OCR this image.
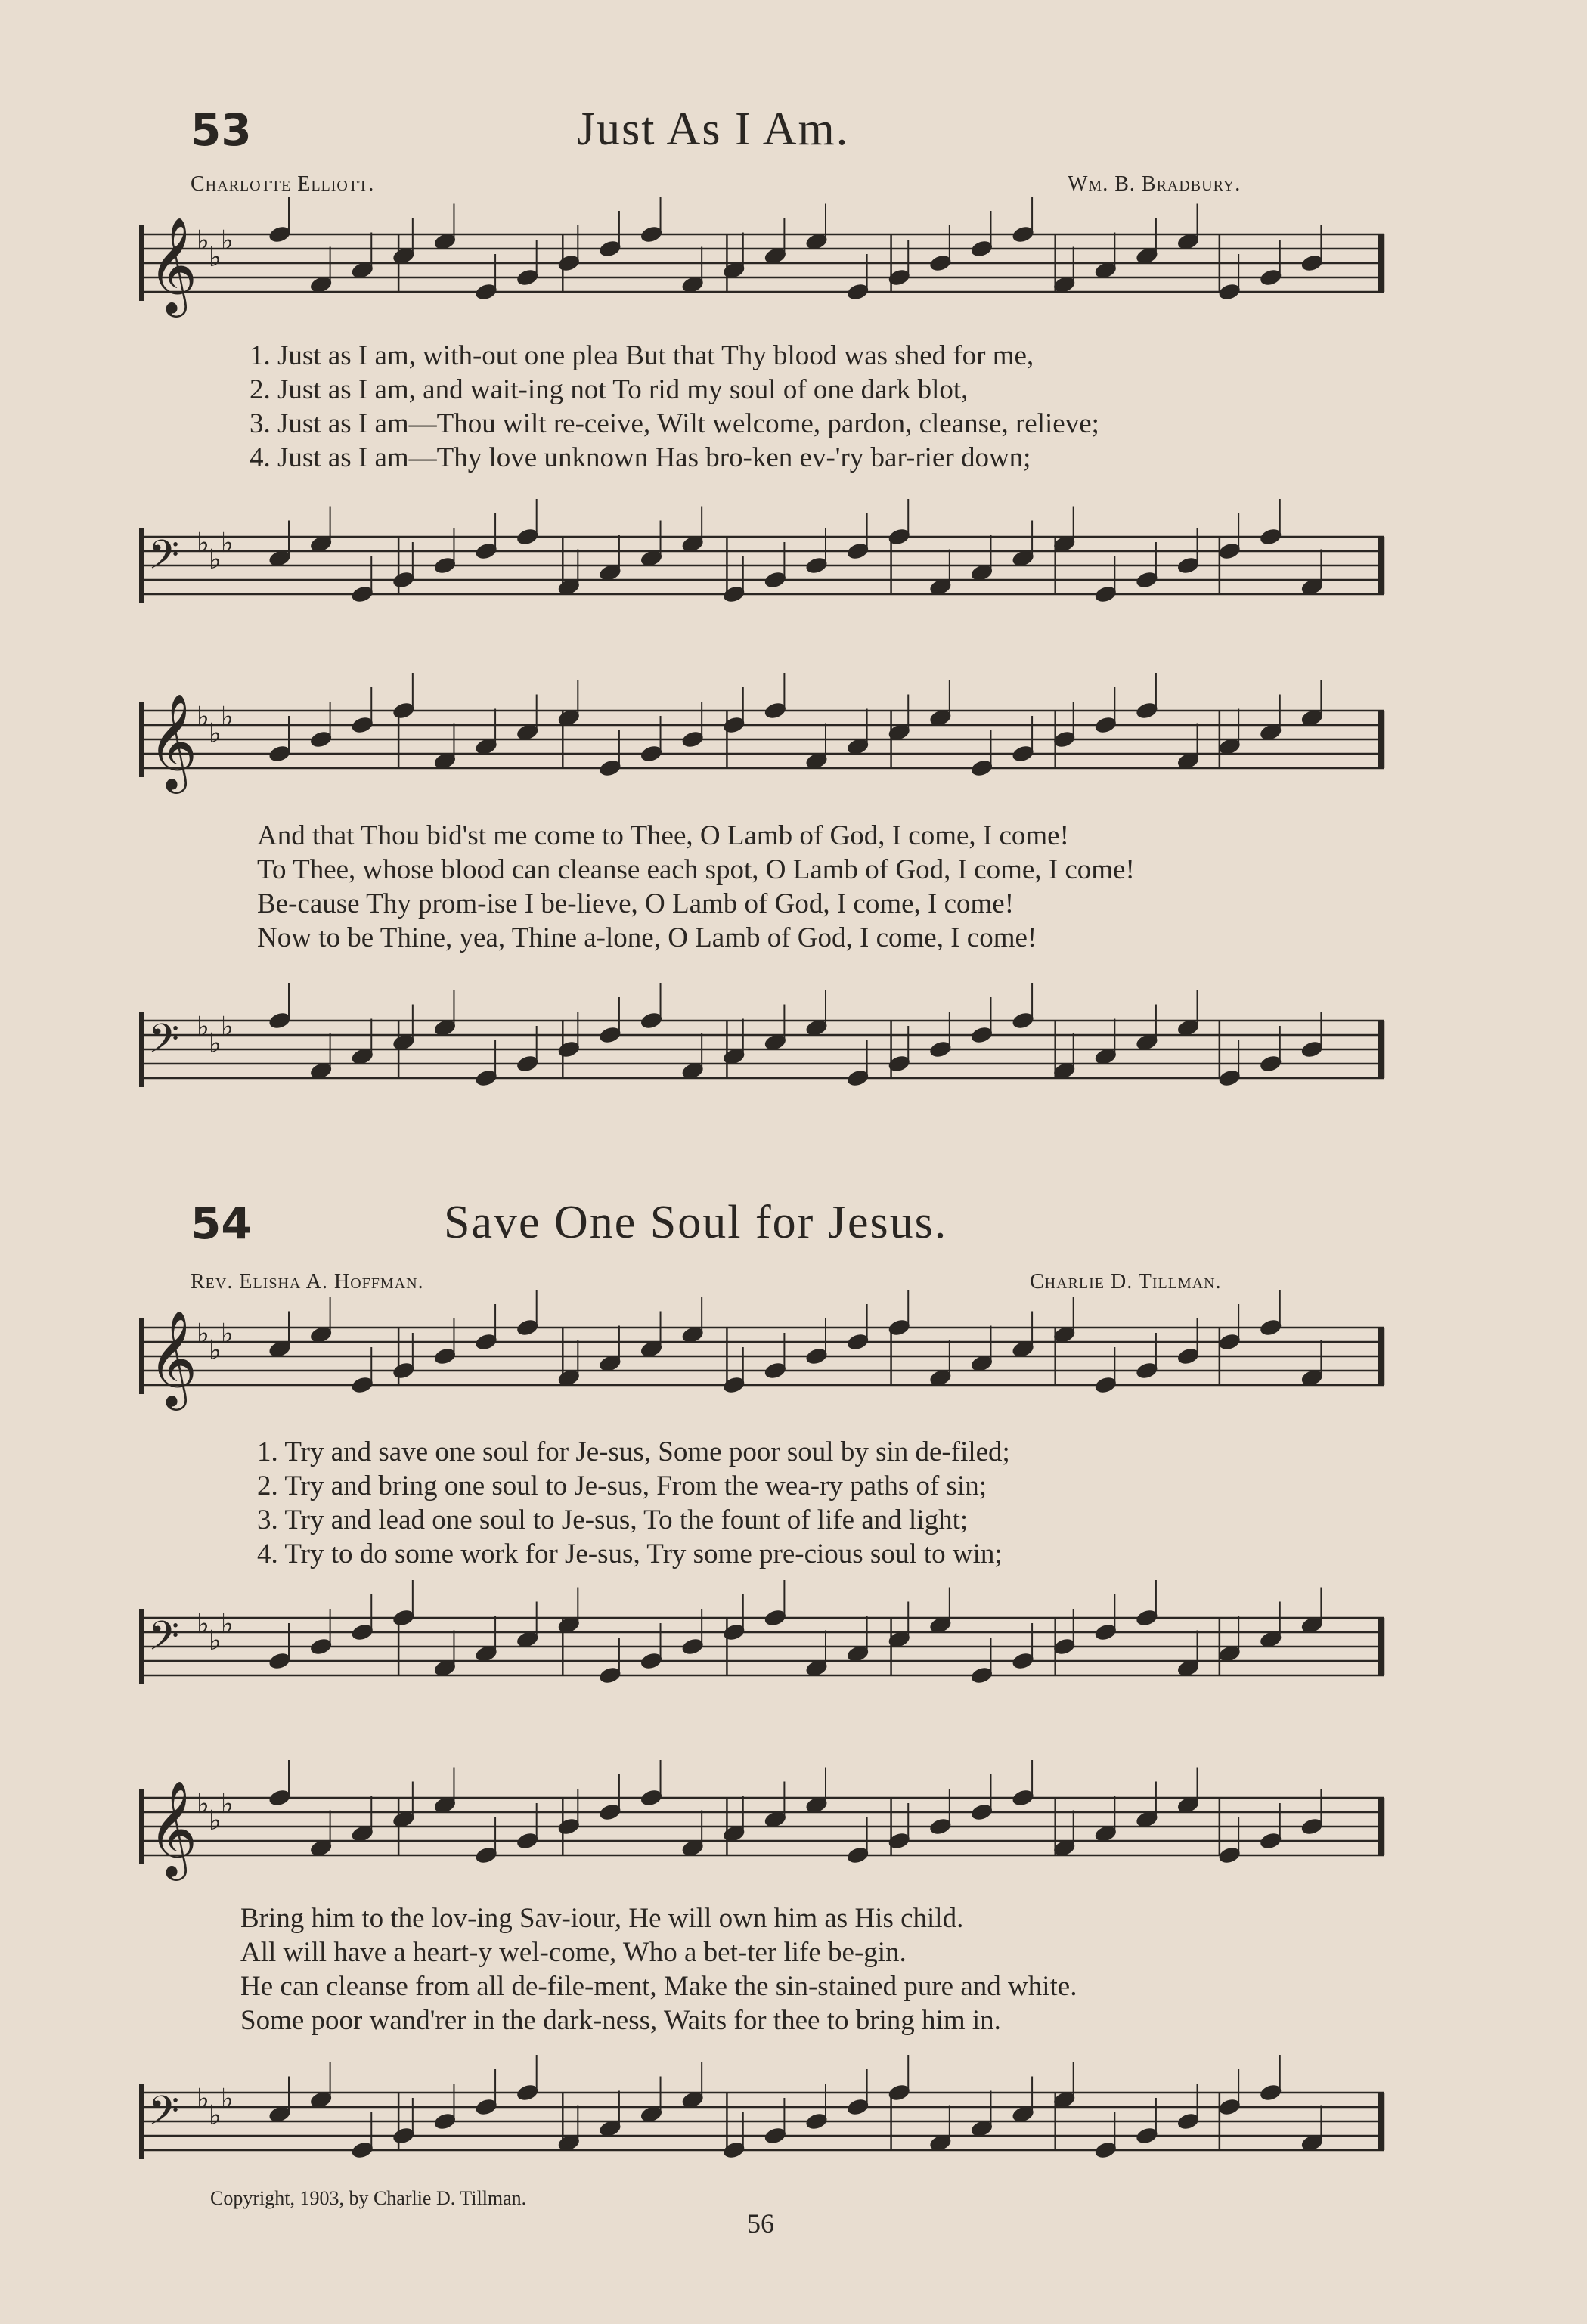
53	Just As I Am.
Charlotte Elliott.	Wm. B. Bradbury.
𝄞
♭
♭
♭
1. Just as I am, with-out one plea But that Thy blood was shed for me,
2. Just as I am, and wait-ing not To rid my soul of one dark blot,
3. Just as I am—Thou wilt re-ceive, Wilt welcome, pardon, cleanse, relieve;
4. Just as I am—Thy love unknown Has bro-ken ev-'ry bar-rier down;
𝄢 ♭
♭
♭
𝄞
♭
♭
♭
And that Thou bid'st me come to Thee, O Lamb of God, I come, I come!
To Thee, whose blood can cleanse each spot, O Lamb of God, I come, I come!
Be-cause Thy prom-ise I be-lieve, O Lamb of God, I come, I come!
Now to be Thine, yea, Thine a-lone, O Lamb of God, I come, I come!
𝄢 ♭
♭
♭
54	Save One Soul for Jesus.
Rev. Elisha A. Hoffman.	Charlie D. Tillman.
𝄞
♭
♭
♭
1. Try and save one soul for Je-sus, Some poor soul by sin de-filed;
2. Try and bring one soul to Je-sus, From the wea-ry paths of sin;
3. Try and lead one soul to Je-sus, To the fount of life and light;
4. Try to do some work for Je-sus, Try some pre-cious soul to win;
𝄢 ♭
♭
♭
𝄞
♭
♭
♭
Bring him to the lov-ing Sav-iour, He will own him as His child.
All will have a heart-y wel-come, Who a bet-ter life be-gin.
He can cleanse from all de-file-ment, Make the sin-stained pure and white.
Some poor wand'rer in the dark-ness, Waits for thee to bring him in.
𝄢 ♭
♭
♭
Copyright, 1903, by Charlie D. Tillman.
56
